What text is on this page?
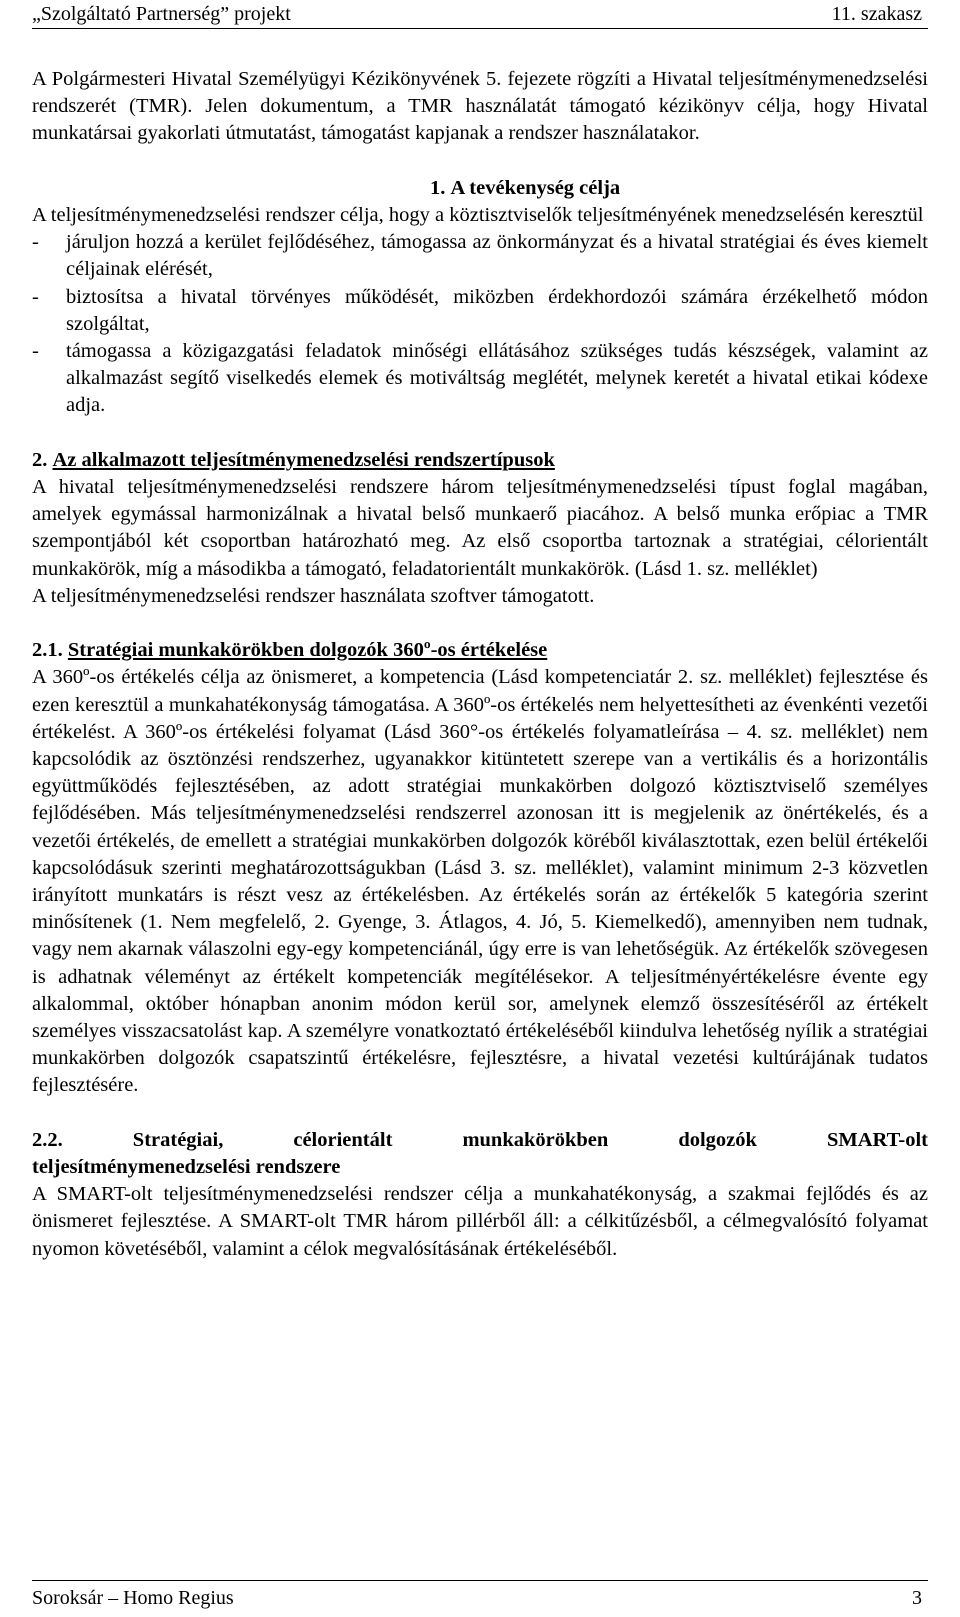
„Szolgáltató Partnerség” projekt	11. szakasz

A Polgármesteri Hivatal Személyügyi Kézikönyvének 5. fejezete rögzíti a Hivatal teljesítménymenedzselési rendszerét (TMR). Jelen dokumentum, a TMR használatát támogató kézikönyv célja, hogy Hivatal munkatársai gyakorlati útmutatást, támogatást kapjanak a rendszer használatakor.

1. A tevékenység célja

A teljesítménymenedzselési rendszer célja, hogy a köztisztviselők teljesítményének menedzselésén keresztül

- járuljon hozzá a kerület fejlődéséhez, támogassa az önkormányzat és a hivatal stratégiai és éves kiemelt céljainak elérését,
- biztosítsa a hivatal törvényes működését, miközben érdekhordozói számára érzékelhető módon szolgáltat,
- támogassa a közigazgatási feladatok minőségi ellátásához szükséges tudás készségek, valamint az alkalmazást segítő viselkedés elemek és motiváltság meglétét, melynek keretét a hivatal etikai kódexe adja.
2. Az alkalmazott teljesítménymenedzselési rendszertípusok

A hivatal teljesítménymenedzselési rendszere három teljesítménymenedzselési típust foglal magában, amelyek egymással harmonizálnak a hivatal belső munkaerő piacához. A belső munka erőpiac a TMR szempontjából két csoportban határozható meg. Az első csoportba tartoznak a stratégiai, célorientált munkakörök, míg a másodikba a támogató, feladatorientált munkakörök. (Lásd 1. sz. melléklet)

A teljesítménymenedzselési rendszer használata szoftver támogatott.

2.1. Stratégiai munkakörökben dolgozók 360º-os értékelése

A 360º-os értékelés célja az önismeret, a kompetencia (Lásd kompetenciatár 2. sz. melléklet) fejlesztése és ezen keresztül a munkahatékonyság támogatása. A 360º-os értékelés nem helyettesítheti az évenkénti vezetői értékelést. A 360º-os értékelési folyamat (Lásd 360°-os értékelés folyamatleírása – 4. sz. melléklet) nem kapcsolódik az ösztönzési rendszerhez, ugyanakkor kitüntetett szerepe van a vertikális és a horizontális együttműködés fejlesztésében, az adott stratégiai munkakörben dolgozó köztisztviselő személyes fejlődésében. Más teljesítménymenedzselési rendszerrel azonosan itt is megjelenik az önértékelés, és a vezetői értékelés, de emellett a stratégiai munkakörben dolgozók köréből kiválasztottak, ezen belül értékelői kapcsolódásuk szerinti meghatározottságukban (Lásd 3. sz. melléklet), valamint minimum 2-3 közvetlen irányított munkatárs is részt vesz az értékelésben. Az értékelés során az értékelők 5 kategória szerint minősítenek (1. Nem megfelelő, 2. Gyenge, 3. Átlagos, 4. Jó, 5. Kiemelkedő), amennyiben nem tudnak, vagy nem akarnak válaszolni egy-egy kompetenciánál, úgy erre is van lehetőségük. Az értékelők szövegesen is adhatnak véleményt az értékelt kompetenciák megítélésekor. A teljesítményértékelésre évente egy alkalommal, október hónapban anonim módon kerül sor, amelynek elemző összesítéséről az értékelt személyes visszacsatolást kap. A személyre vonatkoztató értékeléséből kiindulva lehetőség nyílik a stratégiai munkakörben dolgozók csapatszintű értékelésre, fejlesztésre, a hivatal vezetési kultúrájának tudatos fejlesztésére.

2.2.	Stratégiai, célorientált munkakörökben dolgozók SMART-olt
teljesítménymenedzselési rendszere

A SMART-olt teljesítménymenedzselési rendszer célja a munkahatékonyság, a szakmai fejlődés és az önismeret fejlesztése. A SMART-olt TMR három pillérből áll: a célkitűzésből, a célmegvalósító folyamat nyomon követéséből, valamint a célok megvalósításának értékeléséből.

Soroksár – Homo Regius	3
